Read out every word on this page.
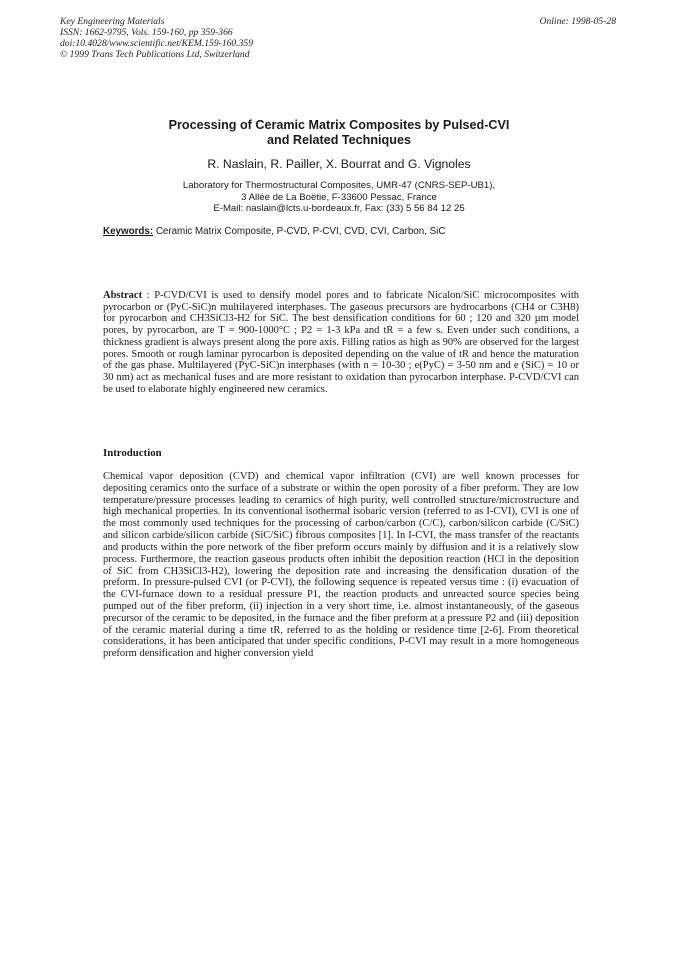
Key Engineering Materials
ISSN: 1662-9795, Vols. 159-160, pp 359-366
doi:10.4028/www.scientific.net/KEM.159-160.359
© 1999 Trans Tech Publications Ltd, Switzerland
Online: 1998-05-28
Processing of Ceramic Matrix Composites by Pulsed-CVI
and Related Techniques
R. Naslain, R. Pailler, X. Bourrat and G. Vignoles
Laboratory for Thermostructural Composites, UMR-47 (CNRS-SEP-UB1),
3 Allée de La Boëtie, F-33600 Pessac, France
E-Mail: naslain@lcts.u-bordeaux.fr, Fax: (33) 5 56 84 12 25
Keywords: Ceramic Matrix Composite, P-CVD, P-CVI, CVD, CVI, Carbon, SiC

Abstract : P-CVD/CVI is used to densify model pores and to fabricate Nicalon/SiC microcomposites with pyrocarbon or (PyC-SiC)n multilayered interphases. The gaseous precursors are hydrocarbons (CH4 or C3H8) for pyrocarbon and CH3SiCl3-H2 for SiC. The best densification conditions for 60 ; 120 and 320 µm model pores, by pyrocarbon, are T = 900-1000°C ; P2 = 1-3 kPa and tR = a few s. Even under such conditions, a thickness gradient is always present along the pore axis. Filling ratios as high as 90% are observed for the largest pores. Smooth or rough laminar pyrocarbon is deposited depending on the value of tR and hence the maturation of the gas phase. Multilayered (PyC-SiC)n interphases (with n = 10-30 ; e(PyC) = 3-50 nm and e (SiC) = 10 or 30 nm) act as mechanical fuses and are more resistant to oxidation than pyrocarbon interphase. P-CVD/CVI can be used to elaborate highly engineered new ceramics.

Introduction

Chemical vapor deposition (CVD) and chemical vapor infiltration (CVI) are well known processes for depositing ceramics onto the surface of a substrate or within the open porosity of a fiber preform. They are low temperature/pressure processes leading to ceramics of high purity, well controlled structure/microstructure and high mechanical properties. In its conventional isothermal isobaric version (referred to as I-CVI), CVI is one of the most commonly used techniques for the processing of carbon/carbon (C/C), carbon/silicon carbide (C/SiC) and silicon carbide/silicon carbide (SiC/SiC) fibrous composites [1]. In I-CVI, the mass transfer of the reactants and products within the pore network of the fiber preform occurs mainly by diffusion and it is a relatively slow process. Furthermore, the reaction gaseous products often inhibit the deposition reaction (HCl in the deposition of SiC from CH3SiCl3-H2), lowering the deposition rate and increasing the densification duration of the preform. In pressure-pulsed CVI (or P-CVI), the following sequence is repeated versus time : (i) evacuation of the CVI-furnace down to a residual pressure P1, the reaction products and unreacted source species being pumped out of the fiber preform, (ii) injection in a very short time, i.e. almost instantaneously, of the gaseous precursor of the ceramic to be deposited, in the furnace and the fiber preform at a pressure P2 and (iii) deposition of the ceramic material during a time tR, referred to as the holding or residence time [2-6]. From theoretical considerations, it has been anticipated that under specific conditions, P-CVI may result in a more homogeneous preform densification and higher conversion yield
